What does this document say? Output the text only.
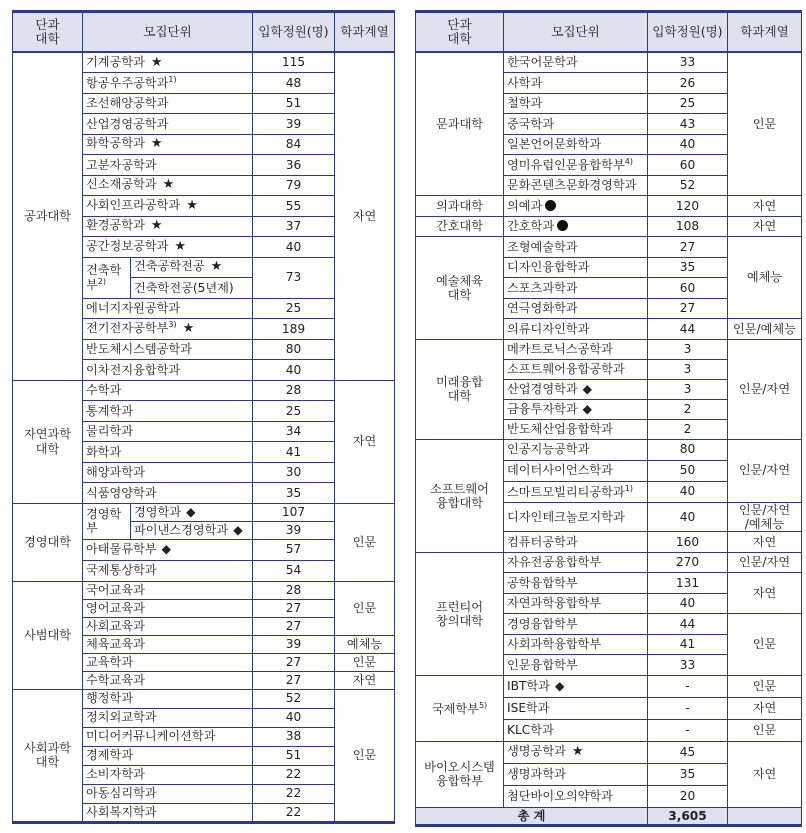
단과
대학	모집단위		입학정원(명)	학과계열
공과대학	기계공학과 ★		115	자연
	항공우주공학과$^{1)}$		48	
	조선해양공학과		51	
	산업경영공학과		39	
	화학공학과 ★		84	
	고분자공학과		36	
	신소재공학과 ★		79	
	사회인프라공학과 ★		55	
	환경공학과 ★		37	
	공간정보공학과 ★		40	
	건축학부$^{2)}$	건축공학전공 ★	73	
		건축학전공(5년제)		
	에너지자원공학과		25	
	전기전자공학부$^{3)}$ ★		189	
	반도체시스템공학과		80	
	이차전지융합학과		40	
자연과학
대학	수학과		28	자연
	통계학과		25	
	물리학과		34	
	화학과		41	
	해양과학과		30	
	식품영양학과		35	
경영대학	경영학부	경영학과 ◆	107	인문
		파이낸스경영학과 ◆	39	
	아태물류학부 ◆		57	
	국제통상학과		54	
사범대학	국어교육과		28	인문
	영어교육과		27	
	사회교육과		27	
	체육교육과		39	예체능
	교육학과		27	인문
	수학교육과		27	자연
사회과학
대학	행정학과		52	인문
	정치외교학과		40	
	미디어커뮤니케이션학과		38	
	경제학과		51	
	소비자학과		22	
	아동심리학과		22	
	사회복지학과		22	
단과
대학	모집단위	입학정원(명)	학과계열
문과대학	한국어문학과	33	인문
	사학과	26	
	철학과	25	
	중국학과	43	
	일본언어문화학과	40	
	영미유럽인문융합학부$^{4)}$	60	
	문화콘텐츠문화경영학과	52	
의과대학	의예과	120	자연
간호대학	간호학과	108	자연
예술체육
대학	조형예술학과	27	예체능
	디자인융합학과	35	
	스포츠과학과	60	
	연극영화학과	27	
	의류디자인학과	44	인문/예체능
미래융합
대학	메카트로닉스공학과	3	인문/자연
	소프트웨어융합공학과	3	
	산업경영학과 ◆	3	
	금융투자학과 ◆	2	
	반도체산업융합학과	2	
소프트웨어
융합대학	인공지능공학과	80	인문/자연
	데이터사이언스학과	50	
	스마트모빌리티공학과$^{1)}$	40	
	디자인테크놀로지학과	40	인문/자연
/예체능
	컴퓨터공학과	160	자연
프런티어
창의대학	자유전공융합학부	270	인문/자연
	공학융합학부	131	자연
	자연과학융합학부	40	
	경영융합학부	44	인문
	사회과학융합학부	41	
	인문융합학부	33	
국제학부$^{5)}$	IBT학과 ◆	-	인문
	ISE학과	-	자연
	KLC학과	-	인문
바이오시스템
융합학부	생명공학과 ★	45	자연
	생명과학과	35	
	첨단바이오의약학과	20	
총 계		3,605	
